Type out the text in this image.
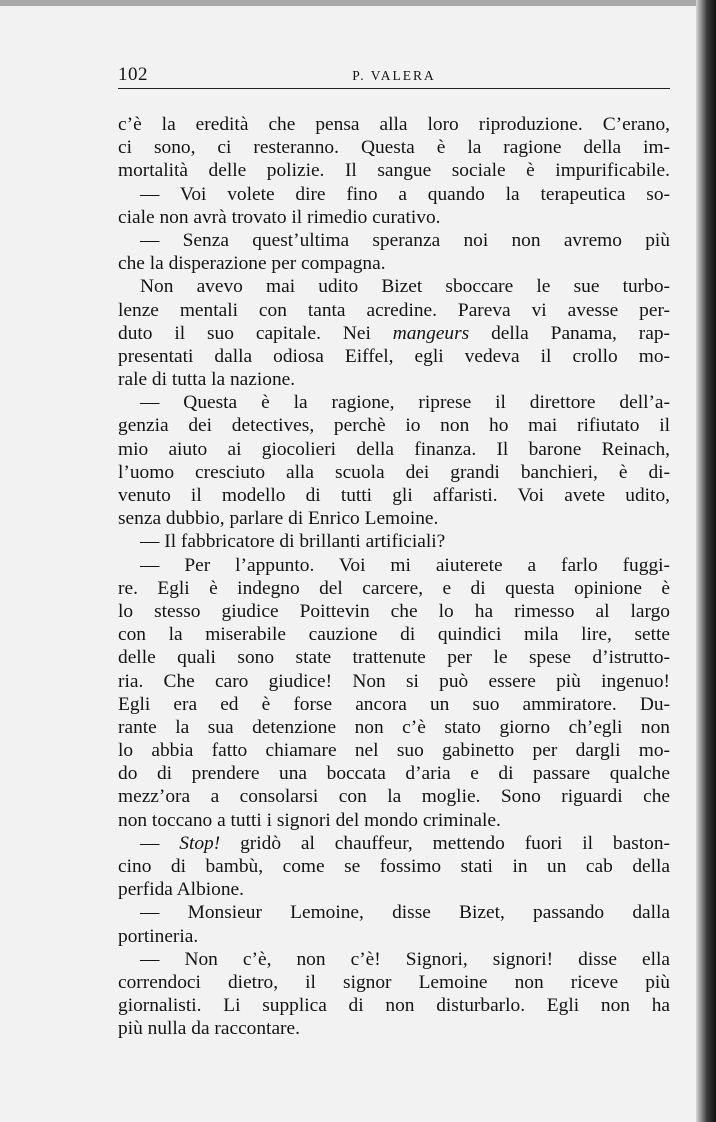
102	P. VALERA
c’è la eredità che pensa alla loro riproduzione. C’erano,
ci sono, ci resteranno. Questa è la ragione della im-
mortalità delle polizie. Il sangue sociale è impurificabile.
— Voi volete dire fino a quando la terapeutica so-
ciale non avrà trovato il rimedio curativo.
— Senza quest’ultima speranza noi non avremo più
che la disperazione per compagna.
Non avevo mai udito Bizet sboccare le sue turbo-
lenze mentali con tanta acredine. Pareva vi avesse per-
duto il suo capitale. Nei mangeurs della Panama, rap-
presentati dalla odiosa Eiffel, egli vedeva il crollo mo-
rale di tutta la nazione.
— Questa è la ragione, riprese il direttore dell’a-
genzia dei detectives, perchè io non ho mai rifiutato il
mio aiuto ai giocolieri della finanza. Il barone Reinach,
l’uomo cresciuto alla scuola dei grandi banchieri, è di-
venuto il modello di tutti gli affaristi. Voi avete udito,
senza dubbio, parlare di Enrico Lemoine.
— Il fabbricatore di brillanti artificiali?
— Per l’appunto. Voi mi aiuterete a farlo fuggi-
re. Egli è indegno del carcere, e di questa opinione è
lo stesso giudice Poittevin che lo ha rimesso al largo
con la miserabile cauzione di quindici mila lire, sette
delle quali sono state trattenute per le spese d’istrutto-
ria. Che caro giudice! Non si può essere più ingenuo!
Egli era ed è forse ancora un suo ammiratore. Du-
rante la sua detenzione non c’è stato giorno ch’egli non
lo abbia fatto chiamare nel suo gabinetto per dargli mo-
do di prendere una boccata d’aria e di passare qualche
mezz’ora a consolarsi con la moglie. Sono riguardi che
non toccano a tutti i signori del mondo criminale.
— Stop! gridò al chauffeur, mettendo fuori il baston-
cino di bambù, come se fossimo stati in un cab della
perfida Albione.
— Monsieur Lemoine, disse Bizet, passando dalla
portineria.
— Non c’è, non c’è! Signori, signori! disse ella
correndoci dietro, il signor Lemoine non riceve più
giornalisti. Li supplica di non disturbarlo. Egli non ha
più nulla da raccontare.
